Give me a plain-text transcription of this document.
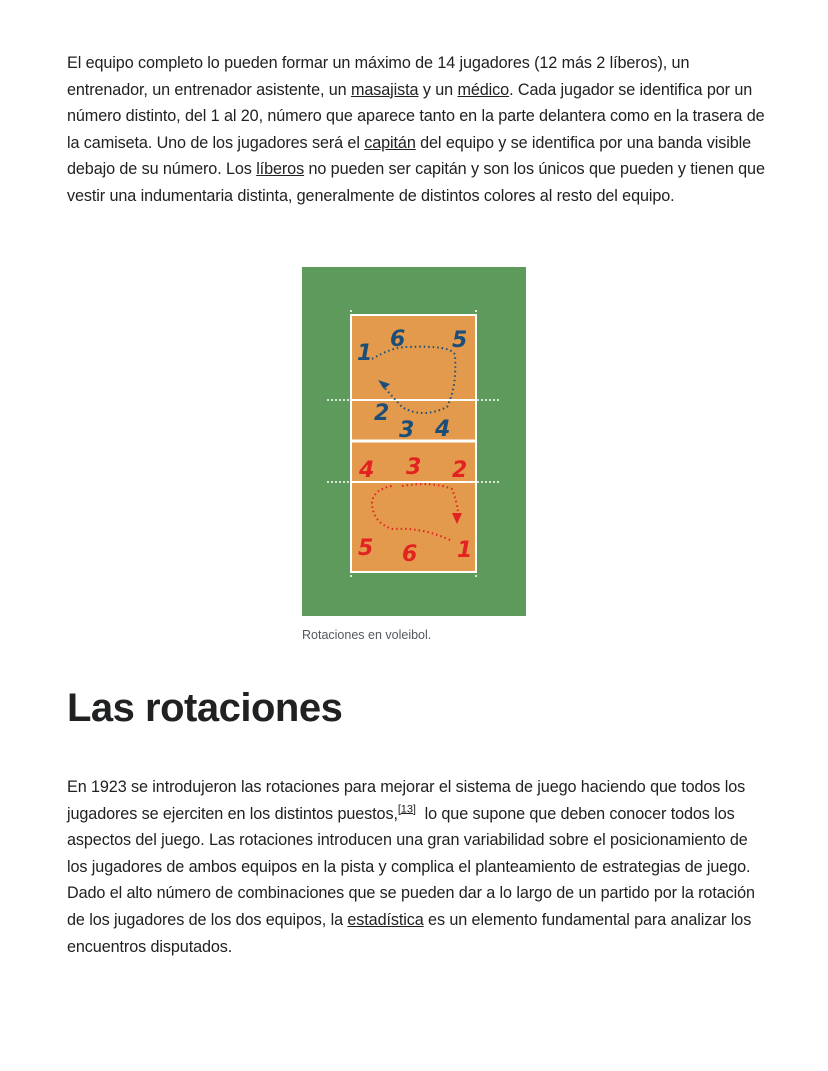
El equipo completo lo pueden formar un máximo de 14 jugadores (12 más 2 líberos), un entrenador, un entrenador asistente, un masajista y un médico. Cada jugador se identifica por un número distinto, del 1 al 20, número que aparece tanto en la parte delantera como en la trasera de la camiseta. Uno de los jugadores será el capitán del equipo y se identifica por una banda visible debajo de su número. Los líberos no pueden ser capitán y son los únicos que pueden y tienen que vestir una indumentaria distinta, generalmente de distintos colores al resto del equipo.

1
6 5
2
3 4
4 3 2
5 6 1
Rotaciones en voleibol.
Las rotaciones

En 1923 se introdujeron las rotaciones para mejorar el sistema de juego haciendo que todos los jugadores se ejerciten en los distintos puestos,[13]  lo que supone que deben conocer todos los aspectos del juego. Las rotaciones introducen una gran variabilidad sobre el posicionamiento de los jugadores de ambos equipos en la pista y complica el planteamiento de estrategias de juego. Dado el alto número de combinaciones que se pueden dar a lo largo de un partido por la rotación de los jugadores de los dos equipos, la estadística es un elemento fundamental para analizar los encuentros disputados.
